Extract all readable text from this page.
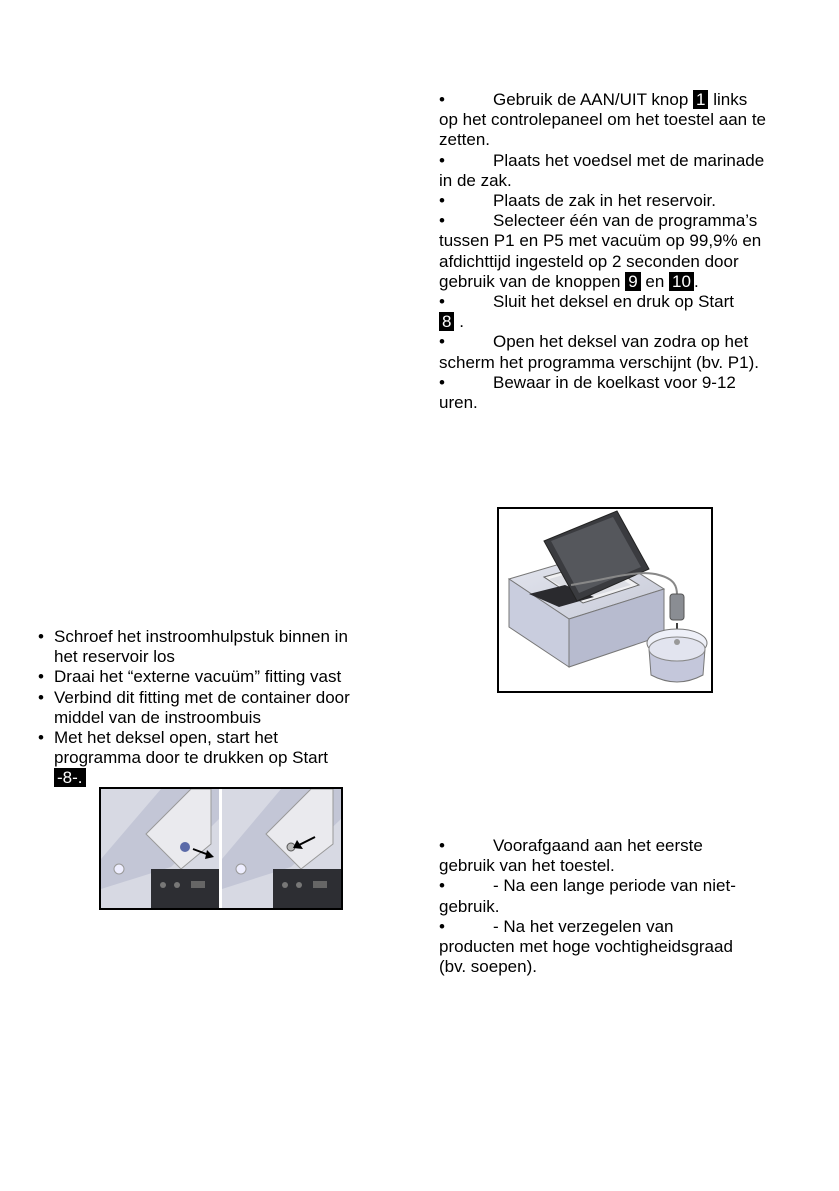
•	Gebruik de AAN/UIT knop 1 links
op het controlepaneel om het toestel aan te
zetten.
•	Plaats het voedsel met de marinade
in de zak.
•	Plaats de zak in het reservoir.
•	Selecteer één van de programma’s
tussen P1 en P5 met vacuüm op 99,9% en
afdichttijd ingesteld op 2 seconden door
gebruik van de knoppen 9 en 10 .
•	Sluit het deksel en druk op Start
8 .
•	Open het deksel van zodra op het
scherm het programma verschijnt (bv. P1).
•	Bewaar in de koelkast voor 9-12
uren.
• Schroef het instroomhulpstuk binnen in
het reservoir los
• Draai het “externe vacuüm” fitting vast
• Verbind dit fitting met de container door
middel van de instroombuis
• Met het deksel open, start het
programma door te drukken op Start
-8-.
•	Voorafgaand aan het eerste
gebruik van het toestel.
•	- Na een lange periode van niet-
gebruik.
•	- Na het verzegelen van
producten met hoge vochtigheidsgraad
(bv. soepen).
